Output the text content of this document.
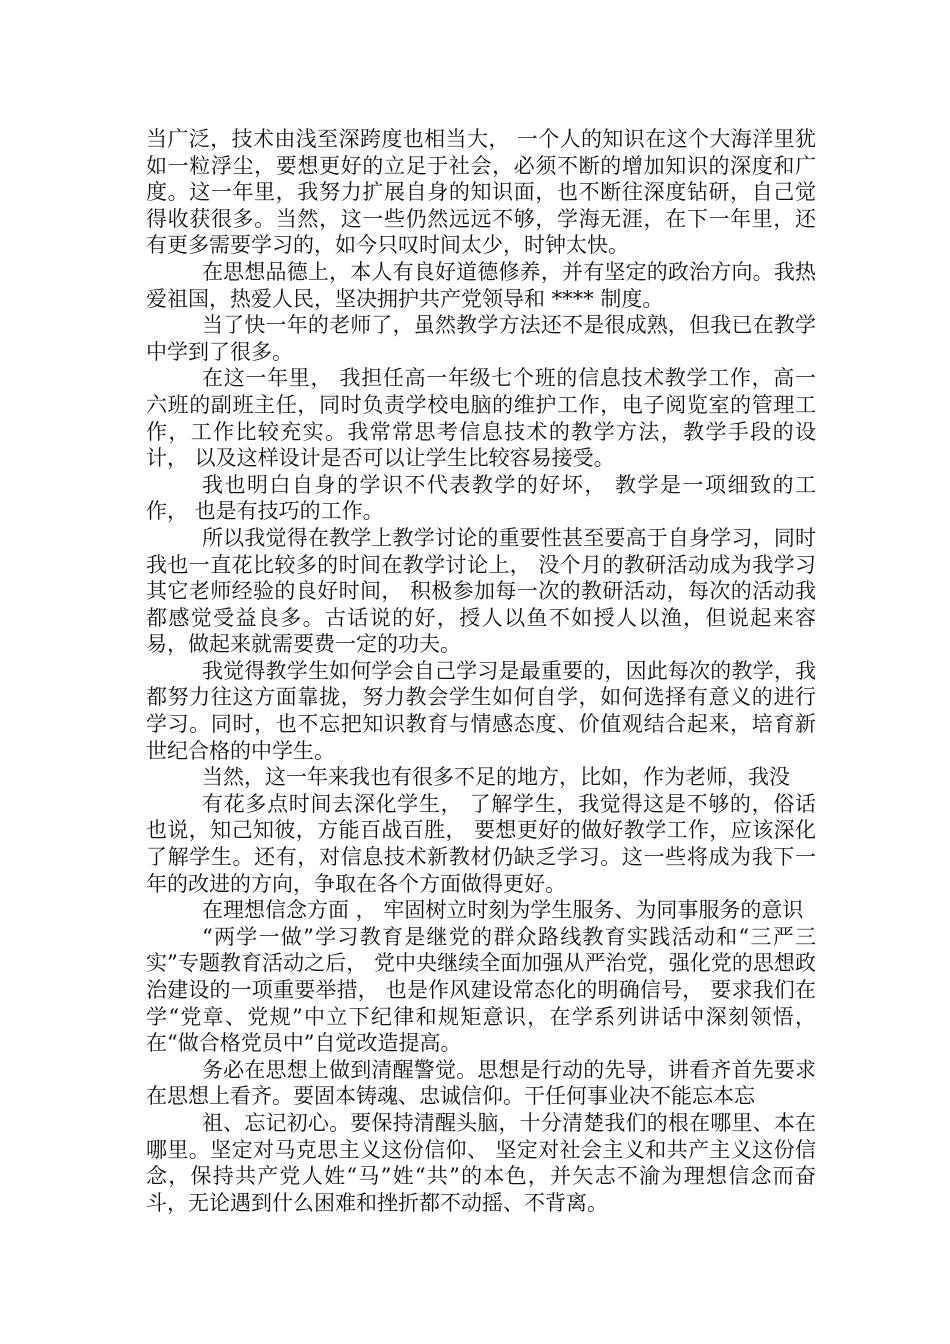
当广泛，技术由浅至深跨度也相当大， 一个人的知识在这个大海洋里犹如一粒浮尘，要想更好的立足于社会，必须不断的增加知识的深度和广度。这一年里，我努力扩展自身的知识面，也不断往深度钻研，自己觉得收获很多。当然，这一些仍然远远不够，学海无涯，在下一年里，还有更多需要学习的，如今只叹时间太少，时钟太快。

在思想品德上，本人有良好道德修养，并有坚定的政治方向。我热爱祖国，热爱人民，坚决拥护共产党领导和 **** 制度。

当了快一年的老师了，虽然教学方法还不是很成熟，但我已在教学中学到了很多。

在这一年里， 我担任高一年级七个班的信息技术教学工作，高一六班的副班主任，同时负责学校电脑的维护工作，电子阅览室的管理工作，工作比较充实。我常常思考信息技术的教学方法，教学手段的设计， 以及这样设计是否可以让学生比较容易接受。

我也明白自身的学识不代表教学的好坏， 教学是一项细致的工作， 也是有技巧的工作。

所以我觉得在教学上教学讨论的重要性甚至要高于自身学习，同时我也一直花比较多的时间在教学讨论上， 没个月的教研活动成为我学习其它老师经验的良好时间， 积极参加每一次的教研活动，每次的活动我都感觉受益良多。古话说的好，授人以鱼不如授人以渔，但说起来容易，做起来就需要费一定的功夫。

我觉得教学生如何学会自己学习是最重要的，因此每次的教学，我都努力往这方面靠拢，努力教会学生如何自学，如何选择有意义的进行学习。同时，也不忘把知识教育与情感态度、价值观结合起来，培育新世纪合格的中学生。

当然，这一年来我也有很多不足的地方，比如，作为老师，我没

有花多点时间去深化学生， 了解学生，我觉得这是不够的，俗话也说，知己知彼，方能百战百胜， 要想更好的做好教学工作，应该深化了解学生。还有，对信息技术新教材仍缺乏学习。这一些将成为我下一年的改进的方向，争取在各个方面做得更好。

在理想信念方面 ， 牢固树立时刻为学生服务、为同事服务的意识

“两学一做”学习教育是继党的群众路线教育实践活动和“三严三实”专题教育活动之后， 党中央继续全面加强从严治党，强化党的思想政治建设的一项重要举措， 也是作风建设常态化的明确信号， 要求我们在学“党章、党规”中立下纪律和规矩意识，在学系列讲话中深刻领悟，在“做合格党员中”自觉改造提高。

务必在思想上做到清醒警觉。思想是行动的先导，讲看齐首先要求在思想上看齐。要固本铸魂、忠诚信仰。干任何事业决不能忘本忘

祖、忘记初心。要保持清醒头脑，十分清楚我们的根在哪里、本在哪里。坚定对马克思主义这份信仰、 坚定对社会主义和共产主义这份信念，保持共产党人姓“马”姓“共”的本色，并矢志不渝为理想信念而奋斗，无论遇到什么困难和挫折都不动摇、不背离。
